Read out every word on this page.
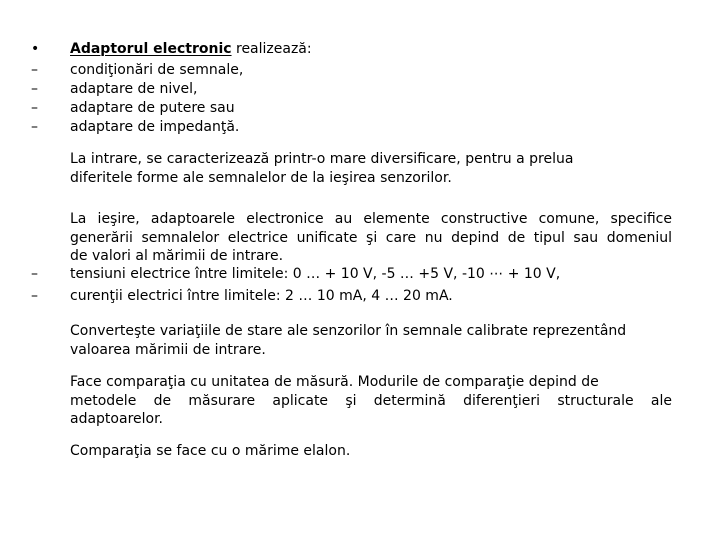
•	Adaptorul electronic realizează:
–	condiţionări de semnale,
–	adaptare de nivel,
–	adaptare de putere sau
–	adaptare de impedanţă.
La intrare, se caracterizează printr-o mare diversificare, pentru a prelua
diferitele forme ale semnalelor de la ieşirea senzorilor.
La ieşire, adaptoarele electronice au elemente constructive comune, specifice
generării semnalelor electrice unificate şi care nu depind de tipul sau domeniul
de valori al mărimii de intrare.
–	tensiuni electrice între limitele: 0 … + 10 V, -5 … +5 V, -10 ⋯ + 10 V,
–	curenţii electrici între limitele: 2 … 10 mA, 4 … 20 mA.
Converteşte variaţiile de stare ale senzorilor în semnale calibrate reprezentând
valoarea mărimii de intrare.
Face comparaţia cu unitatea de măsură. Modurile de comparaţie depind de
metodele de măsurare aplicate şi determină diferenţieri structurale ale
adaptoarelor.
Comparaţia se face cu o mărime elalon.
